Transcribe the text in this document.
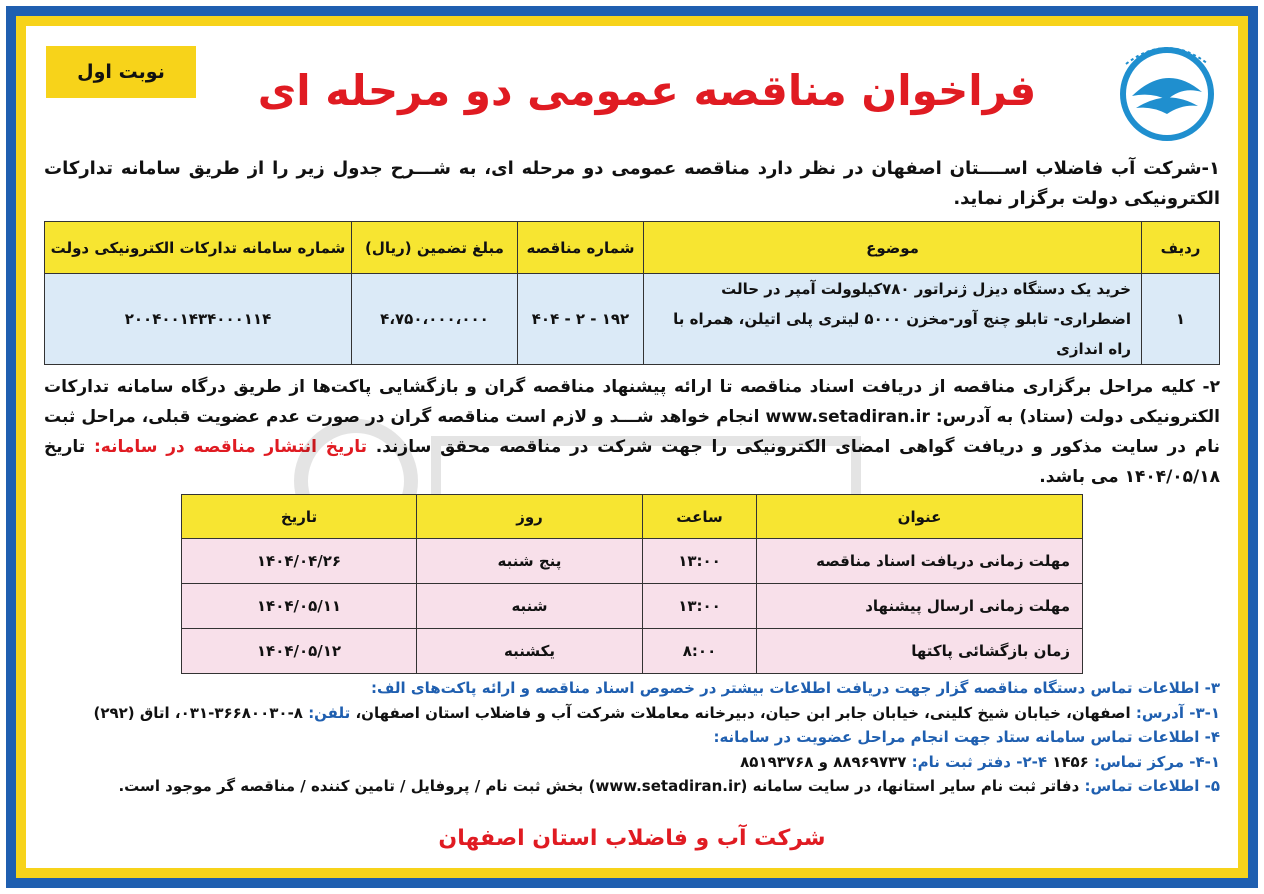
نوبت اول	فراخوان مناقصه عمومی دو مرحله ای
۱-شرکت آب فاضلاب اســــتان اصفهان در نظر دارد مناقصه عمومی دو مرحله ای، به شـــرح جدول زیر را از طریق سامانه تدارکات الکترونیکی دولت برگزار نماید.
ردیف	موضوع	شماره مناقصه	مبلغ تضمین (ریال)	شماره سامانه تدارکات الکترونیکی دولت
۱	خرید یک دستگاه دیزل ژنراتور ۷۸۰کیلوولت آمپر در حالت اضطراری- تابلو چنج آور-مخزن ۵۰۰۰ لیتری پلی اتیلن، همراه با راه اندازی	۱۹۲ - ۲ - ۴۰۴	۴،۷۵۰،۰۰۰،۰۰۰	۲۰۰۴۰۰۱۴۳۴۰۰۰۱۱۴
۲- کلیه مراحل برگزاری مناقصه از دریافت اسناد مناقصه تا ارائه پیشنهاد مناقصه گران و بازگشایی پاکت‌ها از طریق درگاه سامانه تدارکات الکترونیکی دولت (ستاد) به آدرس: www.setadiran.ir انجام خواهد شـــد و لازم است مناقصه گران در صورت عدم عضویت قبلی، مراحل ثبت نام در سایت مذکور و دریافت گواهی امضای الکترونیکی را جهت شرکت در مناقصه محقق سازند. تاریخ انتشار مناقصه در سامانه: تاریخ ۱۴۰۴/۰۵/۱۸ می باشد.
عنوان	ساعت	روز	تاریخ
مهلت زمانی دریافت اسناد مناقصه	۱۳:۰۰	پنج شنبه	۱۴۰۴/۰۴/۲۶
مهلت زمانی ارسال پیشنهاد	۱۳:۰۰	شنبه	۱۴۰۴/۰۵/۱۱
زمان بازگشائی پاکتها	۸:۰۰	یکشنبه	۱۴۰۴/۰۵/۱۲
۳- اطلاعات تماس دستگاه مناقصه گزار جهت دریافت اطلاعات بیشتر در خصوص اسناد مناقصه و ارائه پاکت‌های الف:
۳-۱- آدرس: اصفهان، خیابان شیخ کلینی، خیابان جابر ابن حیان، دبیرخانه معاملات شرکت آب و فاضلاب استان اصفهان، تلفن: ۸-۳۶۶۸۰۰۳۰-۰۳۱، اتاق (۲۹۲)
۴- اطلاعات تماس سامانه ستاد جهت انجام مراحل عضویت در سامانه:
۴-۱- مرکز تماس: ۱۴۵۶ ۴-۲- دفتر ثبت نام: ۸۸۹۶۹۷۳۷ و ۸۵۱۹۳۷۶۸
۵- اطلاعات تماس: دفاتر ثبت نام سایر استانها، در سایت سامانه (www.setadiran.ir) بخش ثبت نام / پروفایل / تامین کننده / مناقصه گر موجود است.
شرکت آب و فاضلاب استان اصفهان
